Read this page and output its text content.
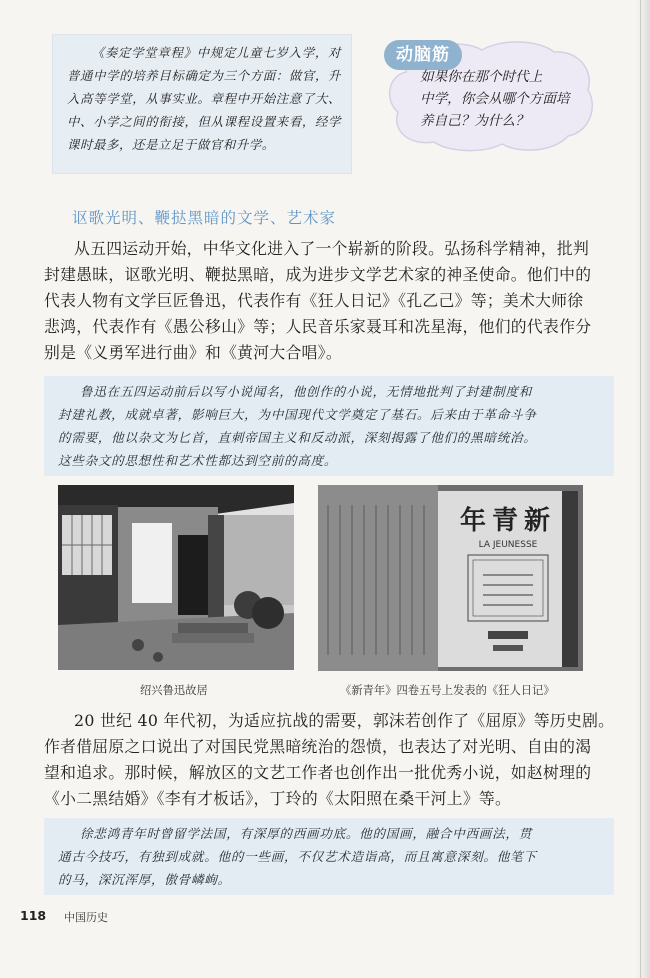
《奏定学堂章程》中规定儿童七岁入学，对普通中学的培养目标确定为三个方面：做官，升入高等学堂，从事实业。章程中开始注意了大、中、小学之间的衔接，但从课程设置来看，经学课时最多，还是立足于做官和升学。

动脑筋
如果你在那个时代上
中学，你会从哪个方面培
养自己？为什么？
讴歌光明、鞭挞黑暗的文学、艺术家
从五四运动开始，中华文化进入了一个崭新的阶段。弘扬科学精神，批判
封建愚昧，讴歌光明、鞭挞黑暗，成为进步文学艺术家的神圣使命。他们中的
代表人物有文学巨匠鲁迅，代表作有《狂人日记》《孔乙己》等；美术大师徐
悲鸿，代表作有《愚公移山》等；人民音乐家聂耳和冼星海，他们的代表作分
别是《义勇军进行曲》和《黄河大合唱》。
鲁迅在五四运动前后以写小说闻名，他创作的小说，无情地批判了封建制度和
封建礼教，成就卓著，影响巨大，为中国现代文学奠定了基石。后来由于革命斗争
的需要，他以杂文为匕首，直刺帝国主义和反动派，深刻揭露了他们的黑暗统治。
这些杂文的思想性和艺术性都达到空前的高度。
绍兴鲁迅故居
年青新
LA JEUNESSE
《新青年》四卷五号上发表的《狂人日记》
20 世纪 40 年代初，为适应抗战的需要，郭沫若创作了《屈原》等历史剧。
作者借屈原之口说出了对国民党黑暗统治的怨愤，也表达了对光明、自由的渴
望和追求。那时候，解放区的文艺工作者也创作出一批优秀小说，如赵树理的
《小二黑结婚》《李有才板话》，丁玲的《太阳照在桑干河上》等。
徐悲鸿青年时曾留学法国，有深厚的西画功底。他的国画，融合中西画法，贯
通古今技巧，有独到成就。他的一些画，不仅艺术造诣高，而且寓意深刻。他笔下
的马，深沉浑厚，傲骨嶙峋。
118 中国历史
